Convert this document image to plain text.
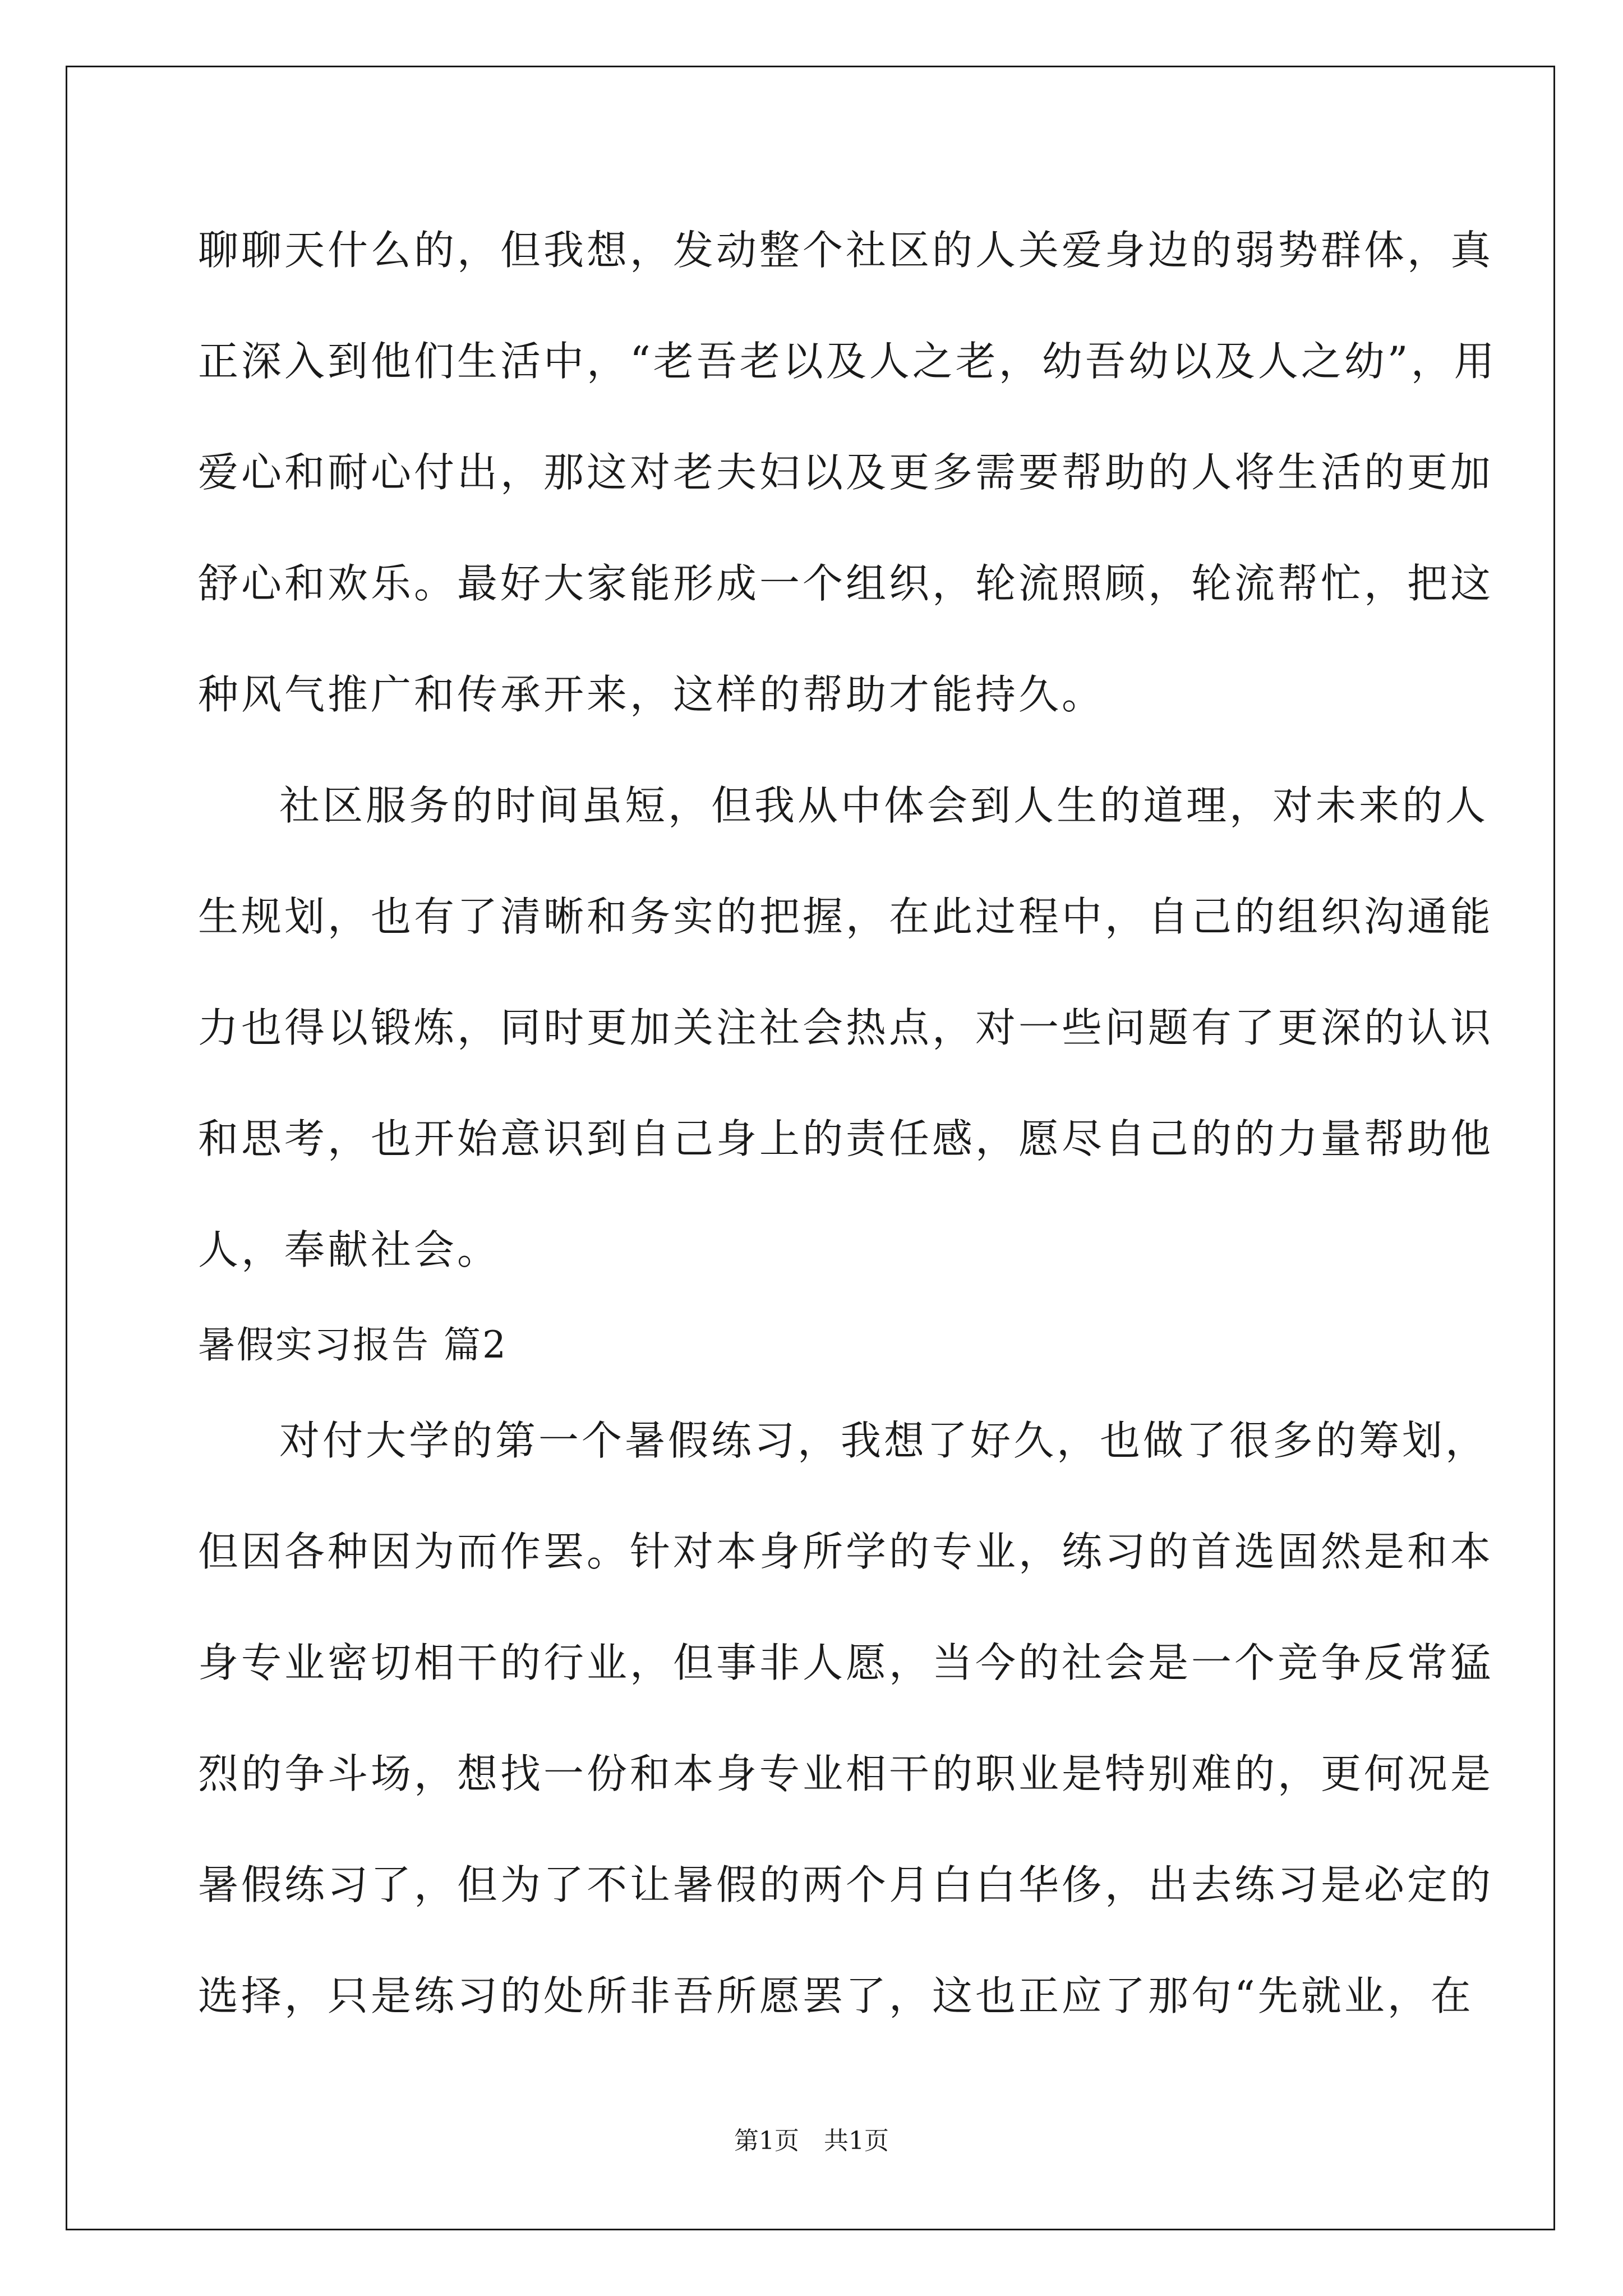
聊聊天什么的，但我想，发动整个社区的人关爱身边的弱势群体，真
正深入到他们生活中，“老吾老以及人之老，幼吾幼以及人之幼”，用
爱心和耐心付出，那这对老夫妇以及更多需要帮助的人将生活的更加
舒心和欢乐。最好大家能形成一个组织，轮流照顾，轮流帮忙，把这
种风气推广和传承开来，这样的帮助才能持久。
社区服务的时间虽短，但我从中体会到人生的道理，对未来的人
生规划，也有了清晰和务实的把握，在此过程中，自己的组织沟通能
力也得以锻炼，同时更加关注社会热点，对一些问题有了更深的认识
和思考，也开始意识到自己身上的责任感，愿尽自己的的力量帮助他
人，奉献社会。
暑假实习报告 篇2
对付大学的第一个暑假练习，我想了好久，也做了很多的筹划，
但因各种因为而作罢。针对本身所学的专业，练习的首选固然是和本
身专业密切相干的行业，但事非人愿，当今的社会是一个竞争反常猛
烈的争斗场，想找一份和本身专业相干的职业是特别难的，更何况是
暑假练习了，但为了不让暑假的两个月白白华侈，出去练习是必定的
选择，只是练习的处所非吾所愿罢了，这也正应了那句“先就业，在
第1页　共1页
